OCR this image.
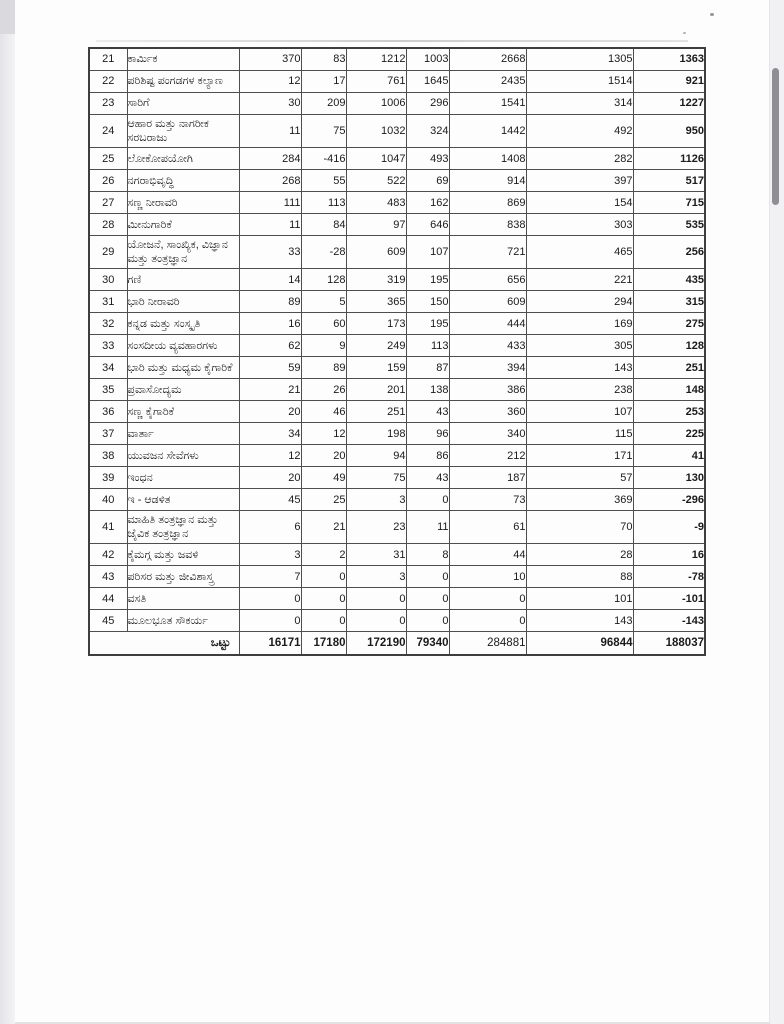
21	ಕಾರ್ಮಿಕ	370	83	1212	1003	2668	1305	1363
22	ಪರಿಶಿಷ್ಟ ಪಂಗಡಗಳ ಕಲ್ಯಾಣ	12	17	761	1645	2435	1514	921
23	ಸಾರಿಗೆ	30	209	1006	296	1541	314	1227
24	ಆಹಾರ ಮತ್ತು ನಾಗರೀಕ ಸರಬರಾಜು	11	75	1032	324	1442	492	950
25	ಲೋಕೋಪಯೋಗಿ	284	-416	1047	493	1408	282	1126
26	ನಗರಾಭಿವೃದ್ಧಿ	268	55	522	69	914	397	517
27	ಸಣ್ಣ ನೀರಾವರಿ	111	113	483	162	869	154	715
28	ಮೀನುಗಾರಿಕೆ	11	84	97	646	838	303	535
29	ಯೋಜನೆ, ಸಾಂಖ್ಯಿಕ, ವಿಜ್ಞಾನ ಮತ್ತು ತಂತ್ರಜ್ಞಾನ	33	-28	609	107	721	465	256
30	ಗಣಿ	14	128	319	195	656	221	435
31	ಭಾರಿ ನೀರಾವರಿ	89	5	365	150	609	294	315
32	ಕನ್ನಡ ಮತ್ತು ಸಂಸ್ಕೃತಿ	16	60	173	195	444	169	275
33	ಸಂಸದೀಯ ವ್ಯವಹಾರಗಳು	62	9	249	113	433	305	128
34	ಭಾರಿ ಮತ್ತು ಮಧ್ಯಮ ಕೈಗಾರಿಕೆ	59	89	159	87	394	143	251
35	ಪ್ರವಾಸೋದ್ಯಮ	21	26	201	138	386	238	148
36	ಸಣ್ಣ ಕೈಗಾರಿಕೆ	20	46	251	43	360	107	253
37	ವಾರ್ತಾ	34	12	198	96	340	115	225
38	ಯುವಜನ ಸೇವೆಗಳು	12	20	94	86	212	171	41
39	ಇಂಧನ	20	49	75	43	187	57	130
40	ಇ - ಆಡಳಿತ	45	25	3	0	73	369	-296
41	ಮಾಹಿತಿ ತಂತ್ರಜ್ಞಾನ ಮತ್ತು ಜೈವಿಕ ತಂತ್ರಜ್ಞಾನ	6	21	23	11	61	70	-9
42	ಕೈಮಗ್ಗ ಮತ್ತು ಜವಳಿ	3	2	31	8	44	28	16
43	ಪರಿಸರ ಮತ್ತು ಜೀವಿಶಾಸ್ತ್ರ	7	0	3	0	10	88	-78
44	ವಸತಿ	0	0	0	0	0	101	-101
45	ಮೂಲಭೂತ ಸೌಕರ್ಯ	0	0	0	0	0	143	-143
ಒಟ್ಟು		16171	17180	172190	79340	284881	96844	188037
